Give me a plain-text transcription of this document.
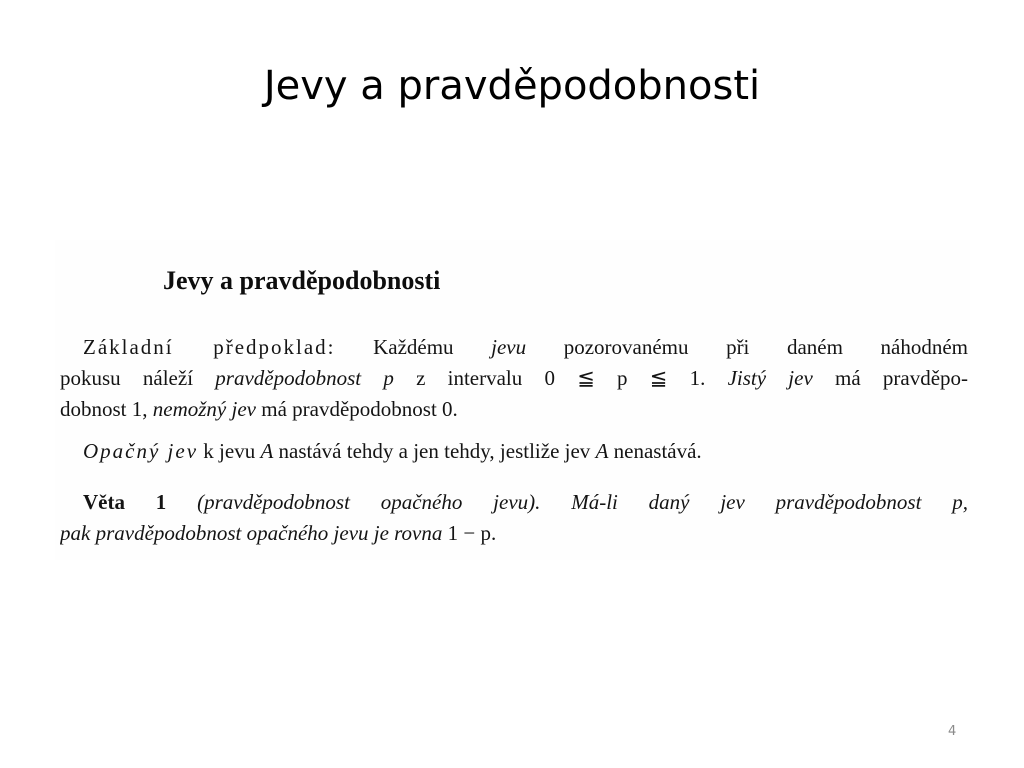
Jevy a pravděpodobnosti
Jevy a pravděpodobnosti
Základní předpoklad: Každému jevu pozorovanému při daném náhodném
pokusu náleží pravděpodobnost p z intervalu 0 ≦ p ≦ 1. Jistý jev má pravděpo-
dobnost 1, nemožný jev má pravděpodobnost 0.
Opačný jev k jevu A nastává tehdy a jen tehdy, jestliže jev A nenastává.
Věta 1 (pravděpodobnost opačného jevu). Má-li daný jev pravděpodobnost p,
pak pravděpodobnost opačného jevu je rovna 1 − p.
4
